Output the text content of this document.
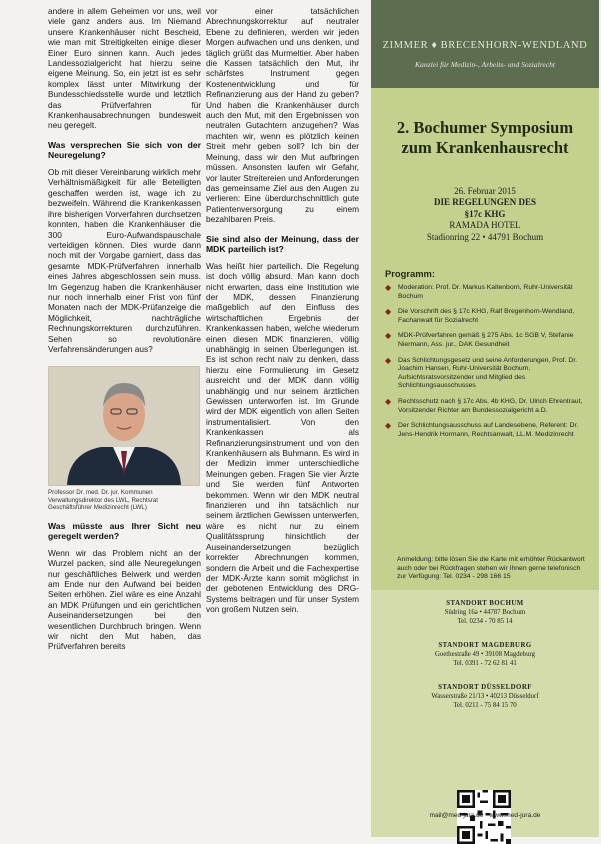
andere in allem Geheimen vor uns, weil viele ganz anders aus. Im Niemand unsere Krankenhäuser nicht Bescheid, wie man mit Streitigkeiten einige dieser Einer Euro sinnen kann. Auch jedes Landessozialgericht hat hierzu seine eigene Meinung. So, ein jetzt ist es sehr komplex lässt unter Mitwirkung der Bundesschiedsstelle wurde und letztlich das Prüfverfahren für Krankenhausabrechnungen bundesweit neu geregelt.

Was versprechen Sie sich von der Neuregelung?

Ob mit dieser Vereinbarung wirklich mehr Verhältnismäßigkeit für alle Beteiligten geschaffen werden ist, wage ich zu bezweifeln. Während die Krankenkassen ihre bisherigen Vorverfahren durchsetzen konnten, haben die Krankenhäuser die 300 Euro-Aufwandspauschale verteidigen können. Dies wurde dann noch mit der Vorgabe garniert, dass das gesamte MDK-Prüfverfahren innerhalb eines Jahres abgeschlossen sein muss. Im Gegenzug haben die Krankenhäuser nur noch innerhalb einer Frist von fünf Monaten nach der MDK-Prüfanzeige die Möglichkeit, nachträgliche Rechnungskorrekturen durchzuführen. Sehen so revolutionäre Verfahrensänderungen aus?

Professor Dr. med. Dr. jur. Kommunen Verwaltungsdirektor des LWL, Rechtsrat Geschäftsführer Medizinrecht (LWL)
Was müsste aus Ihrer Sicht neu geregelt werden?

Wenn wir das Problem nicht an der Wurzel packen, sind alle Neuregelungen nur geschäftliches Beiwerk und werden am Ende nur den Aufwand bei beiden Seiten erhöhen. Ziel wäre es eine Anzahl an MDK Prüfungen und ein gerichtlichen Auseinandersetzungen bei den wesentlichen Durchbruch bringen. Wenn wir nicht den Mut haben, das Prüfverfahren bereits

vor einer tatsächlichen Abrechnungskorrektur auf neutraler Ebene zu definieren, werden wir jeden Morgen aufwachen und uns denken, und täglich grüßt das Murmeltier. Aber haben die Kassen tatsächlich den Mut, ihr schärfstes Instrument gegen Kostenentwicklung und für Refinanzierung aus der Hand zu geben? Und haben die Krankenhäuser durch auch den Mut, mit den Ergebnissen von neutralen Gutachtern anzugehen? Was machten wir, wenn es plötzlich keinen Streit mehr geben soll? Ich bin der Meinung, dass wir den Mut aufbringen müssen. Ansonsten laufen wir Gefahr, vor lauter Streitereien und Anforderungen das gemeinsame Ziel aus den Augen zu verlieren: Eine überdurchschnittlich gute Patientenversorgung zu einem bezahlbaren Preis.

Sie sind also der Meinung, dass der MDK parteilich ist?

Was heißt hier parteilich. Die Regelung ist doch völlig absurd. Man kann doch nicht erwarten, dass eine Institution wie der MDK, dessen Finanzierung maßgeblich auf den Einfluss des wirtschaftlichen Ergebnis der Krankenkassen haben, welche wiederum einen diesen MDK finanzieren, völlig unabhängig in seinen Überlegungen ist. Es ist schon recht naiv zu denken, dass hierzu eine Formulierung im Gesetz ausreicht und der MDK dann völlig unabhängig und nur seinem ärztlichen Gewissen unterworfen ist. Im Grunde wird der MDK eigentlich von allen Seiten instrumentalisiert. Von den Krankenkassen als Refinanzierungsinstrument und von den Krankenhäusern als Buhmann. Es wird in der Medizin immer unterschiedliche Meinungen geben. Fragen Sie vier Ärzte und Sie werden fünf Antworten bekommen. Wenn wir den MDK neutral finanzieren und ihn tatsächlich nur seinem ärztlichen Gewissen unterwerfen, wäre es nicht nur zu einem Qualitätssprung hinsichtlich der Auseinandersetzungen bezüglich korrekter Abrechnungen kommen, sondern die Arbeit und die Fachexpertise der MDK-Ärzte kann somit möglichst in der gebotenen Entwicklung des DRG-Systems beitragen und für unser System von großem Nutzen sein.

ZIMMER ♦ BRECENHORN-WENDLAND
Kanzlei für Medizin-, Arbeits- und Sozialrecht
2. Bochumer Symposium
zum Krankenhausrecht
26. Februar 2015
DIE REGELUNGEN DES
§17c KHG
RAMADA HOTEL
Stadionring 22 • 44791 Bochum
Programm:
◆ Moderation: Prof. Dr. Markus Kaltenborn, Ruhr-Universität Bochum
◆ Die Vorschrift des § 17c KHG, Ralf Bregenhorn-Wendland, Fachanwalt für Sozialrecht
◆ MDK-Prüfverfahren gemäß § 275 Abs. 1c SGB V, Stefanie Niermann, Ass. jur., DAK Gesundheit
◆ Das Schlichtungsgesetz und seine Anforderungen, Prof. Dr. Joachim Hansen, Ruhr-Universität Bochum, Aufsichtsratsvorsitzender und Mitglied des Schlichtungsausschusses
◆ Rechtsschutz nach § 17c Abs. 4b KHG, Dr. Ulrich Ehrentraut, Vorsitzender Richter am Bundessozialgericht a.D.
◆ Der Schlichtungsausschuss auf Landesebene, Referent: Dr. Jens-Hendrik Hormann, Rechtsanwalt, LL.M. Medizinrecht
Anmeldung: bitte lösen Sie die Karte mit erhöhter Rückantwort auch oder bei Rückfragen stehen wir Ihnen gerne telefonisch zur Verfügung: Tel. 0234 - 298 166 15
STANDORT BOCHUM
Südring 16a • 44787 Bochum
Tel. 0234 - 70 85 14
STANDORT MAGDEBURG
Goethestraße 49 • 39108 Magdeburg
Tel. 0391 - 72 62 81 41
STANDORT DÜSSELDORF
Wasserstraße 21/13 • 40213 Düsseldorf
Tel. 0211 - 75 84 15 70
mail@med-jura.de • www.med-jura.de
